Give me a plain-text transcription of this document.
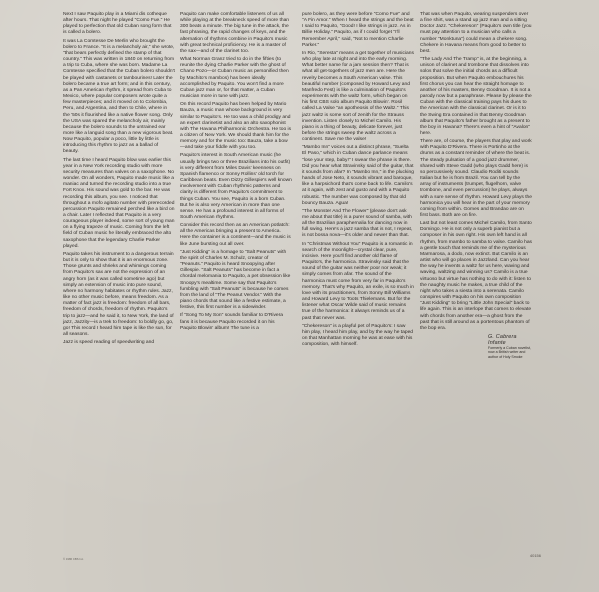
Next I saw Paquito play in a Miami dis cotheque after hours. That night he played "Como Fue." He played to perfection that old Cuban song form that is called a bolero.

It was La Comtesse De Merlin who brought the bolero to France. "It is a melancholy air," she wrote, "that bears perfectly defined the stamp of that country." This was written in 1840 on returning from a trip to Cuba, where she was born. Madame La Comtesse specified that the Cuban bolero shouldn't be played with castanets or tambourines! Later the bolero became a true art form; and in this century, as a Pan American rhythm, it spread from Cuba to Mexico, where popular composers wrote quite a few masterpieces; and it moved on to Colombia, Peru, and Argentina, and then to Chile, where in the '50s it flourished like a native flower song. Only the USA was spared the melancholy air, mainly because the bolero sounds to the untrained ear more like a languid song than a new vigorous beat. Now Paquito, popular a poco, little by little is introducing this rhythm to jazz as a ballad of beauty.

The last time I heard Paquito blow was earlier this year in a New York recording studio with more security measures than valves on a saxophone. No wonder. On all wonders, Paquito made music like a maniac and turned the recording studio into a true Fort Knox. His sound was gold to the bar. He was recording this album, you see. I noticed that throughout a mofo agitato number with prerecorded percussion Paquito remained perched like a bird on a chair. Later I reflected that Paquito is a very courageous player indeed, some sort of young man on a flying trapeze of music. Coming from the left field of Cuban music he literally embraced the alto saxophone that the legendary Charlie Parker played.

Paquito takes his instrument to a dangerous terrain but it is only to show that it is an enormous zone. Those grunts and shrieks and whimings coming from Paquito's sax are not the expression of an angry horn (as it was called sometime ago) but simply an extension of music into pure sound, where no harmony habitates or rhythm rules. Jazz, like no other music before, means freedom. As a matter of fact jazz is freedom: freedom of all bars, freedom of chords, freedom of rhythm. Paquito's trip to jazz—and he said it, to New York, the land of jazz, Jazzity—is a trek to freedom: to boldly go, go, go! This record I heard him tape is like the sun, for all seasons.

Jazz is speed reading of speedwriting and

Paquito can make comfortable listeners of us all while playing at the breakneck speed of more than 300 beats a minute. The big tune in the attack, the fast phrasing, the rapid changes of keys, and the alternation of rhythms combine in Paquito's music with great technical proficiency. He is a master of the sax—and of the clarinet too.

What Norman Granz tried to do in the fifties (to reunite the dying Charlie Parker with the ghost of Chano Pozo—or Cuban music as personified then by Machito's mambos) has been ideally accomplished by Paquito. You won't find a more Cuban jazz man or, for that matter, a Cuban musician more in tune with jazz.

On this record Paquito has been helped by Mario Bauza, a music man whose background is very similar to Paquito's. He too was a child prodigy and an expert clarinetist and also an alto saxophonist with The Havana Philharmonic Orchestra. He too is a citizen of New York. We should thank him for the memory and for the music too: Bauza, take a bow—and take your fiddle with you too.

Paquito's interest in South American music (he usually brings two or three Brazilians into his outfit) is very different from Miles Davis' keenness on Spanish flamenco or Sonny Rollins' old torch for Caribbean beats. Even Dizzy Gillespie's well known involvement with Cuban rhythmic patterns and clarity is different from Paquito's commitment to things Cuban. You see, Paquito is a born Cuban. But he is also very American in more than one sense. He has a profound interest in all forms of South American rhythms.

Consider this record then as an American potlatch: all the Americas bringing a present to America. Here the container is a continent—and the music is like June bursting out all over.

"Just Kidding" is a homage to "Salt Peanuts" with the spirit of Charles M. Schulz, creator of "Peanuts." Paquito is heard Snoopying after Gillespie. "Salt Peanuts" has become in fact a chordal melomania to Paquito, a pet obsession like Snoopy's mealtime. Some say that Paquito's fumbling with "Salt Peanuts" is because he comes from the land of "The Peanut Vendor." With the piano chords that sound like a festive estimate, a festive, this first number is a sidewinder.

If "Song To My Son" sounds familiar to D'Rivera fans it is because Paquito recorded it on his Paquito Blowin' album! The tune is a

pure bolero, as they were before "Como Fue" and "A Fin Amor." When I heard the strings and the beat I said to Paquito, "Good! I like strings in jazz. As in Billie Holiday." Paquito, as if I could forget "I'll Remember April," said, "Not to mention Charlie Parker."

In Rio, "Seresta" means a get together of musicians who play late at night and into the early morning. What better name for a jam session then? That is what all get-togethers of jazz men are. Here the revelry becomes a South American valse. This beautiful number (composed by Howard Levy and Manfredo Fest) is like a culmination of Paquito's experiments with the waltz form, which began on his first CBS solo album Paquito Blowin'. Rosil called La Valse "an apotheosis of the Waltz." This jazz waltz is some sort of zenith for the Strauss invention. Listen closely to Michel Camilo. His piano is a thing of beauty, delicate forever, just before the strings sweep the waltz across a continent. Save me the valse!

"Mambo Inn" voices out a distinct phrase, "Suelta El Paso," which in Cuban dance parlance means "lose your step, baby!" I swear the phrase is there. Did you hear what Stravinsky said of the guitar, that it sounds from afar? In "Mambo Inn," in the plucking hands of Jose Neto, it sounds vibrant and baroque, like a harpsichord that's come back to life. Camilo's at it again, with zest and gusto and with a Paquito robustic. The number was composed by that old bouncy Bauza. Agua!

"The Monster And The Flower" (please don't ask me about that title) is a purer sound of samba, with all the Brazilian paraphernalia for dancing now in full swing. Here's a jazz samba that is not, I repeat, is not bossa nova—it's older and newer than that.

In "Christmas Without You" Paquito is a romantic in search of the moonlight—crystal clear, pure, incisive. Here you'll find another old flame of Paquito's, the harmonica. Stravinsky said that the sound of the guitar was neither poor nor weak; it simply comes from afar. The sound of the harmonica must come from very far in Paquito's memory. That's why Paquito, an exile, is so much in love with its practitioners, from Sonny Bill Williams and Howard Levy to Toots Thielemans. But for the listener what Oscar Wilde said of music remains true of the harmonica: it always reminds us of a past that never was.

"Chekereson" is a playful pet of Paquito's: I saw him play, I heard him play, and by the way he taped on that Manhattan morning he was at ease with his composition, with himself.

That was when Paquito, wearing suspenders over a fine shirt, was a stand up jazz man and a sitting Doctor Jazz. "Chekereson" (Paquito's own title (you must pay attention to a musician who calls a number "Monktuna") could mean a chekere song. Chekere in Havana means from good to better to best.

"The Lady And The Tramp" is, at the beginning, a unison of clarinet and trombone that dissolves into solos that solve the initial chords as a difficult proposition. But when Paquito embouchures his first chorus you can hear the straight homage to another of his masters, Benny Goodman. It is not a parody now but a paraphrase. Please by please the Cuban with the classical training pays his dues to the American with the classical clarinet. Or is it to the Swing Era contained in that Benny Goodman album that Paquito's father brought as a present to the boy in Havana? There's even a hint of "Avalon" here.

There are, of course, the players that play and work with Paquito D'Rivera. There is Portinho at the drums as a constant reminder of where the beat is. The steady pulsation of a good jazz drummer, shared with Steve Gadd (who plays Gadd here) is so percussively sound. Claudio Roditi sounds Italian but he is from Brazil. You can tell by the array of instruments (trumpet, flugelhorn, valve trombone, and even percussion) he plays, always with a sure sense of rhythm. Howard Levy plays the harmonica you will hear in the part of your memory coming from within. Gomes and Brandao are on first bass. Both are on fire.

Last but not least comes Michel Camilo, from Santo Domingo. He is not only a superb pianist but a composer in his own right. His own left hand is all rhythm, from mambo to samba to valse. Camilo has a gentle touch that reminds me of the mysterious Marmarosa, a dodo, now extinct. But Camilo is an artist who will go places in Jazzland. Can you hear the way he invents a waltz for us here, waving and waving, waltzing and winning us? Camilo is a true virtuoso but virtue has nothing to do with it: listen to the naughty music he makes, a true child of the night who takes a siesta into a serenata. Camilo conspires with Paquito on his own composition "Just Kidding" to bring "Little John Special" back to life again. This is an interlope that comes to elevate with chords from another era—a ghost from the past that is still around as a portentous phantom of the bop era.

G. Cabrera Infante
Formerly a Cuban novelist,
now a British writer and
author of Holy Smoke
© 1986 CBS Inc.
40156
